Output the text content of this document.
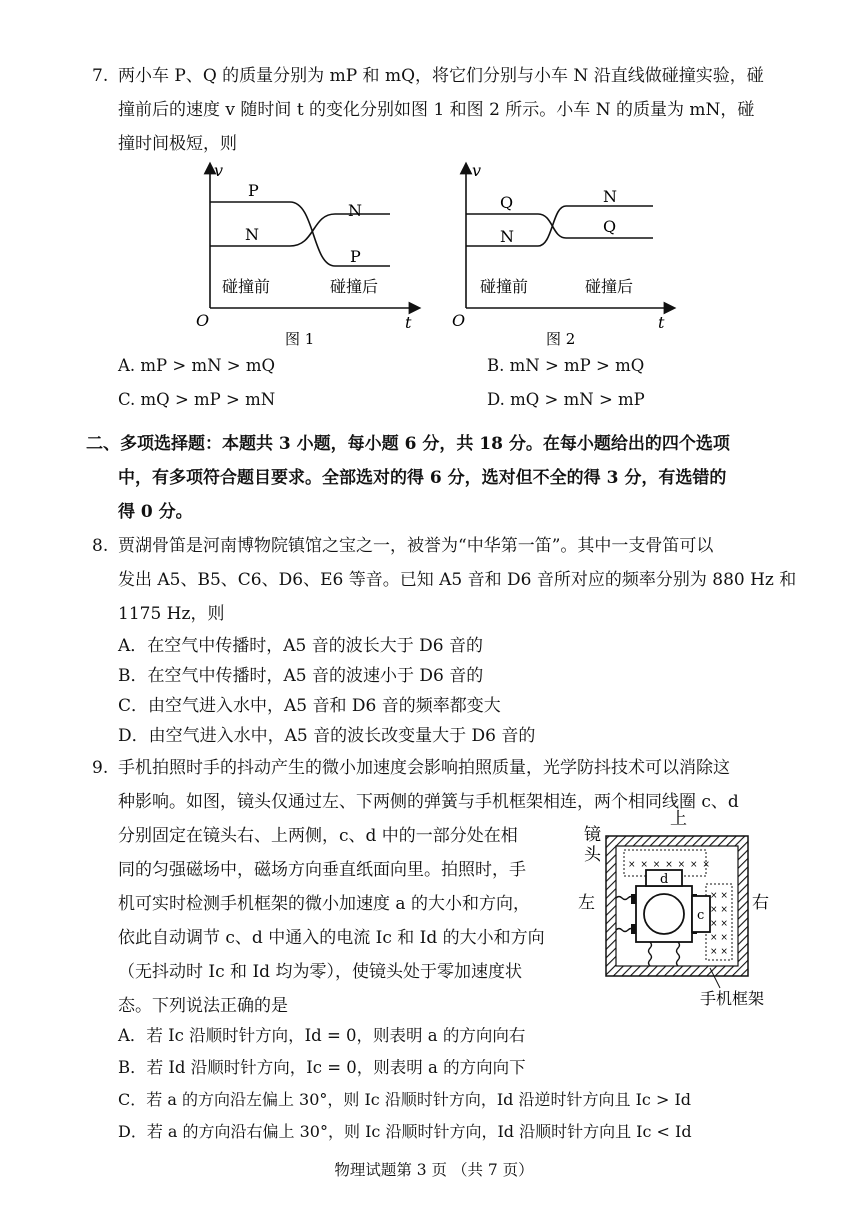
7. 两小车 P、Q 的质量分别为 mP 和 mQ，将它们分别与小车 N 沿直线做碰撞实验，碰
撞前后的速度 v 随时间 t 的变化分别如图 1 和图 2 所示。小车 N 的质量为 mN，碰
撞时间极短，则
v
O	t
P
N
N
P
碰撞前	碰撞后
图 1
v
O	t
Q
N
N
Q
碰撞前	碰撞后
图 2
A. mP > mN > mQ	B. mN > mP > mQ
C. mQ > mP > mN	D. mQ > mN > mP
二、多项选择题：本题共 3 小题，每小题 6 分，共 18 分。在每小题给出的四个选项
中，有多项符合题目要求。全部选对的得 6 分，选对但不全的得 3 分，有选错的
得 0 分。
8. 贾湖骨笛是河南博物院镇馆之宝之一，被誉为“中华第一笛”。其中一支骨笛可以
发出 A5、B5、C6、D6、E6 等音。已知 A5 音和 D6 音所对应的频率分别为 880 Hz 和
1175 Hz，则
A．在空气中传播时，A5 音的波长大于 D6 音的
B．在空气中传播时，A5 音的波速小于 D6 音的
C．由空气进入水中，A5 音和 D6 音的频率都变大
D．由空气进入水中，A5 音的波长改变量大于 D6 音的
9. 手机拍照时手的抖动产生的微小加速度会影响拍照质量，光学防抖技术可以消除这
种影响。如图，镜头仅通过左、下两侧的弹簧与手机框架相连，两个相同线圈 c、d
分别固定在镜头右、上两侧，c、d 中的一部分处在相
同的匀强磁场中，磁场方向垂直纸面向里。拍照时，手
机可实时检测手机框架的微小加速度 a 的大小和方向，
依此自动调节 c、d 中通入的电流 Ic 和 Id 的大小和方向
（无抖动时 Ic 和 Id 均为零），使镜头处于零加速度状
态。下列说法正确的是
上
左	右
镜
头	× × × × × × ×
× ×
× ×
× ×
× ×
× ×
d
c
手机框架
A．若 Ic 沿顺时针方向，Id = 0，则表明 a 的方向向右
B．若 Id 沿顺时针方向，Ic = 0，则表明 a 的方向向下
C．若 a 的方向沿左偏上 30°，则 Ic 沿顺时针方向，Id 沿逆时针方向且 Ic > Id
D．若 a 的方向沿右偏上 30°，则 Ic 沿顺时针方向，Id 沿顺时针方向且 Ic < Id
物理试题第 3 页 （共 7 页）
